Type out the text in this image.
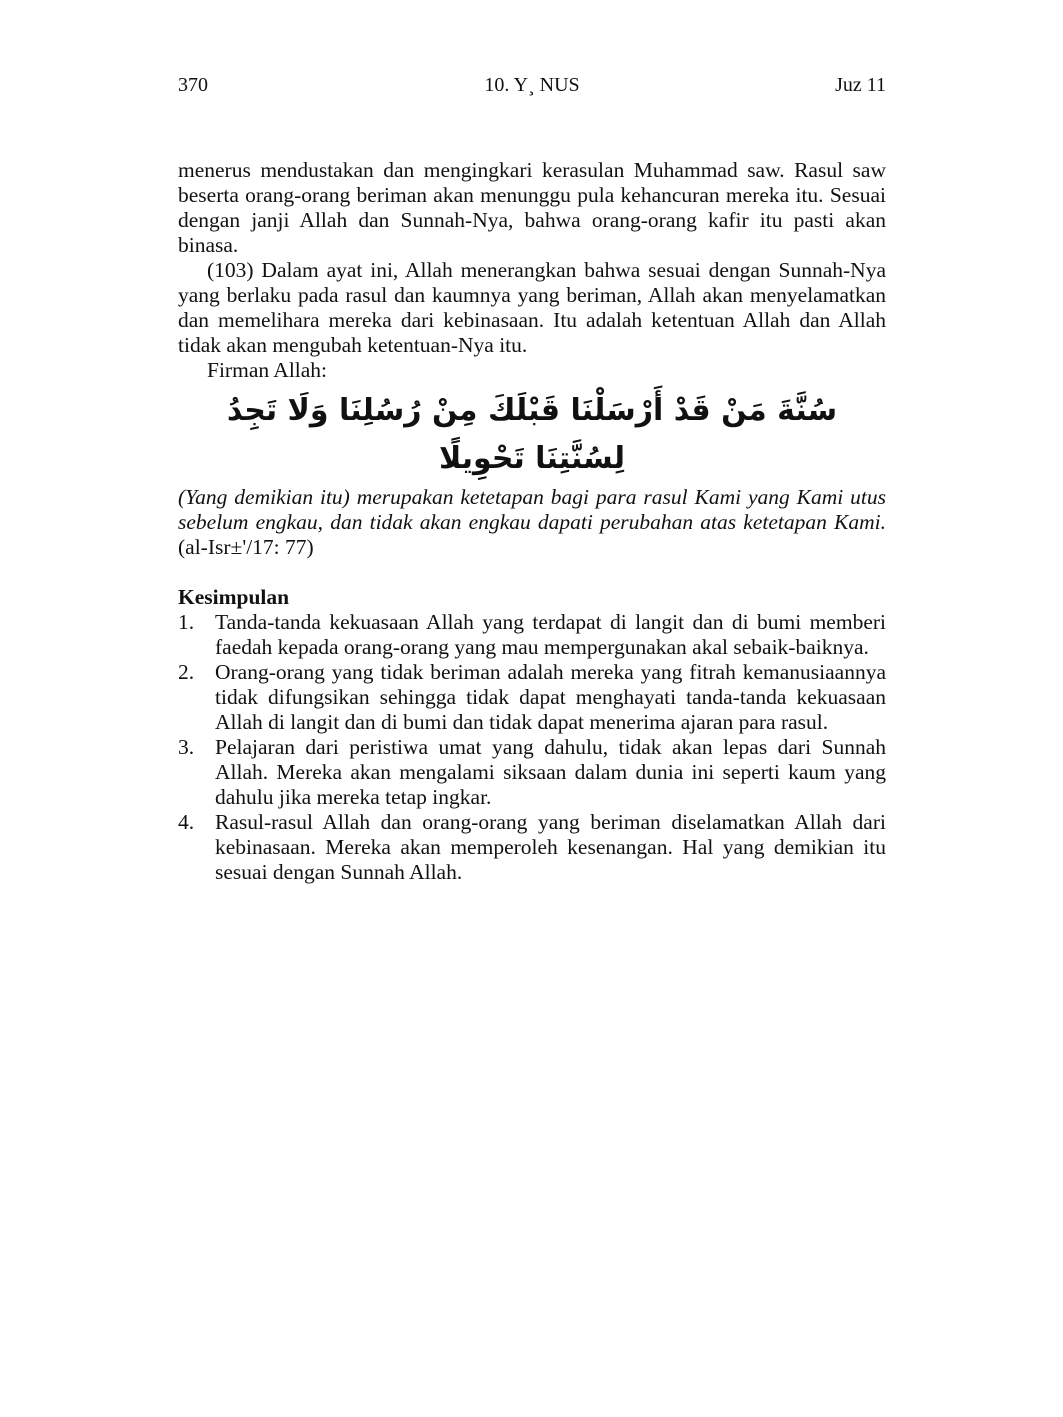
370	10. Y¸ NUS	Juz 11

menerus mendustakan dan mengingkari kerasulan Muhammad saw. Rasul saw beserta orang-orang beriman akan menunggu pula kehancuran mereka itu. Sesuai dengan janji Allah dan Sunnah-Nya, bahwa orang-orang kafir itu pasti akan binasa.

(103) Dalam ayat ini, Allah menerangkan bahwa sesuai dengan Sunnah-Nya yang berlaku pada rasul dan kaumnya yang beriman, Allah akan menyelamatkan dan memelihara mereka dari kebinasaan. Itu adalah ketentuan Allah dan Allah tidak akan mengubah ketentuan-Nya itu.

Firman Allah:

سُنَّةَ مَنْ قَدْ أَرْسَلْنَا قَبْلَكَ مِنْ رُسُلِنَا وَلَا تَجِدُ لِسُنَّتِنَا تَحْوِيلًا

(Yang demikian itu) merupakan ketetapan bagi para rasul Kami yang Kami utus sebelum engkau, dan tidak akan engkau dapati perubahan atas ketetapan Kami. (al-Isr±'/17: 77)

Kesimpulan
1. Tanda-tanda kekuasaan Allah yang terdapat di langit dan di bumi memberi faedah kepada orang-orang yang mau mempergunakan akal sebaik-baiknya.
2. Orang-orang yang tidak beriman adalah mereka yang fitrah kemanusiaannya tidak difungsikan sehingga tidak dapat menghayati tanda-tanda kekuasaan Allah di langit dan di bumi dan tidak dapat menerima ajaran para rasul.
3. Pelajaran dari peristiwa umat yang dahulu, tidak akan lepas dari Sunnah Allah. Mereka akan mengalami siksaan dalam dunia ini seperti kaum yang dahulu jika mereka tetap ingkar.
4. Rasul-rasul Allah dan orang-orang yang beriman diselamatkan Allah dari kebinasaan. Mereka akan memperoleh kesenangan. Hal yang demikian itu sesuai dengan Sunnah Allah.
